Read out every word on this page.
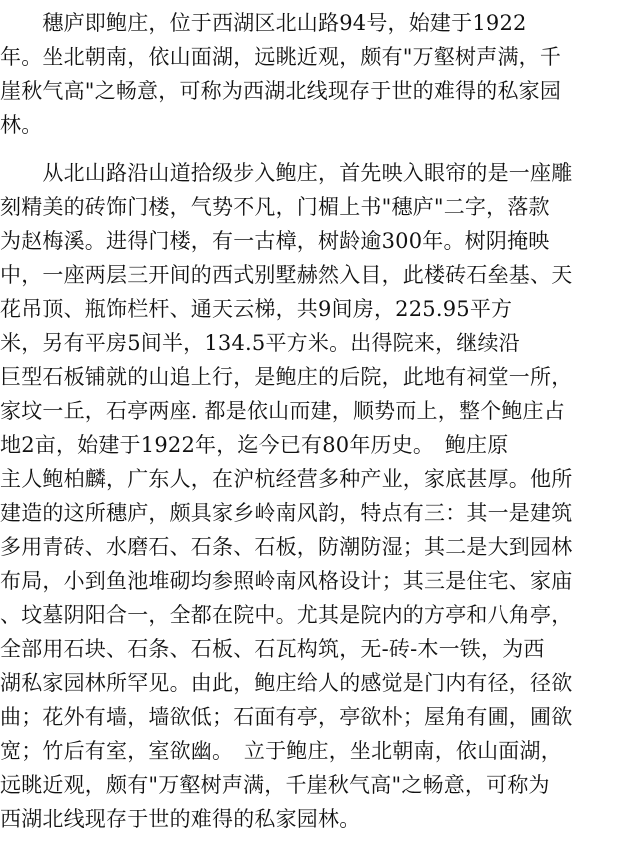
　　穗庐即鲍庄，位于西湖区北山路94号，始建于1922
年。坐北朝南，依山面湖，远眺近观，颇有"万壑树声满，千
崖秋气高"之畅意，可称为西湖北线现存于世的难得的私家园
林。
　　从北山路沿山道拾级步入鲍庄，首先映入眼帘的是一座雕
刻精美的砖饰门楼，气势不凡，门楣上书"穗庐"二字，落款
为赵梅溪。进得门楼，有一古樟，树龄逾300年。树阴掩映
中，一座两层三开间的西式别墅赫然入目，此楼砖石垒基、天
花吊顶、瓶饰栏杆、通天云梯，共9间房，225.95平方
米，另有平房5间半，134.5平方米。出得院来，继续沿
巨型石板铺就的山追上行，是鲍庄的后院，此地有祠堂一所，
家坟一丘，石亭两座. 都是依山而建，顺势而上，整个鲍庄占
地2亩，始建于1922年，迄今已有80年历史。　鲍庄原
主人鲍柏麟，广东人，在沪杭经营多种产业，家底甚厚。他所
建造的这所穗庐，颇具家乡岭南风韵，特点有三：其一是建筑
多用青砖、水磨石、石条、石板，防潮防湿；其二是大到园林
布局，小到鱼池堆砌均参照岭南风格设计；其三是住宅、家庙
、坟墓阴阳合一，全都在院中。尤其是院内的方亭和八角亭，
全部用石块、石条、石板、石瓦构筑，无-砖-木一铁，为西
湖私家园林所罕见。由此，鲍庄给人的感觉是门内有径，径欲
曲；花外有墙，墙欲低；石面有亭，亭欲朴；屋角有圃，圃欲
宽；竹后有室，室欲幽。　立于鲍庄，坐北朝南，依山面湖，
远眺近观，颇有"万壑树声满，千崖秋气高"之畅意，可称为
西湖北线现存于世的难得的私家园林。
